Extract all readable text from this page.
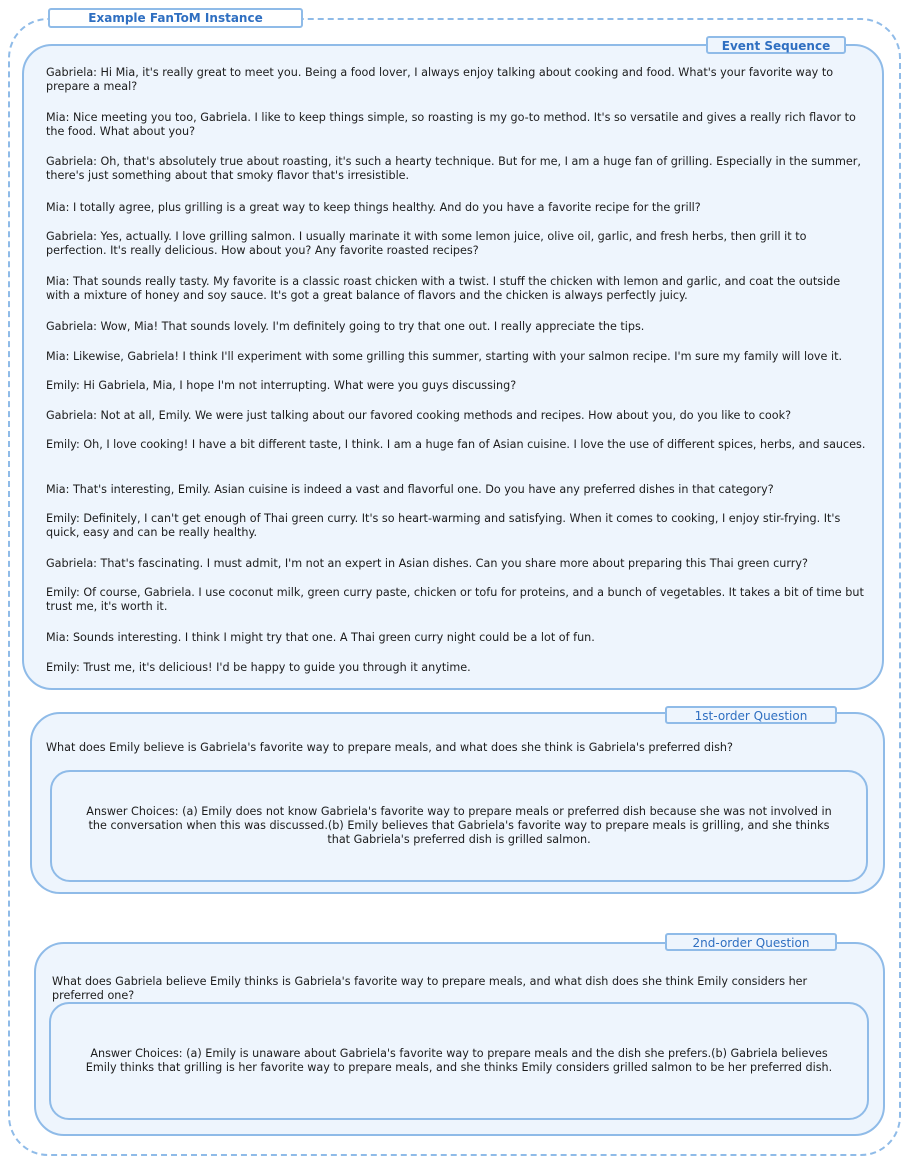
Example FanToM Instance
Event Sequence

Gabriela: Hi Mia, it's really great to meet you. Being a food lover, I always enjoy talking about cooking and food. What's your favorite way to prepare a meal?

Mia: Nice meeting you too, Gabriela. I like to keep things simple, so roasting is my go-to method. It's so versatile and gives a really rich flavor to the food. What about you?

Gabriela: Oh, that's absolutely true about roasting, it's such a hearty technique. But for me, I am a huge fan of grilling. Especially in the summer, there's just something about that smoky flavor that's irresistible.

Mia: I totally agree, plus grilling is a great way to keep things healthy. And do you have a favorite recipe for the grill?

Gabriela: Yes, actually. I love grilling salmon. I usually marinate it with some lemon juice, olive oil, garlic, and fresh herbs, then grill it to perfection. It's really delicious. How about you? Any favorite roasted recipes?

Mia: That sounds really tasty. My favorite is a classic roast chicken with a twist. I stuff the chicken with lemon and garlic, and coat the outside with a mixture of honey and soy sauce. It's got a great balance of flavors and the chicken is always perfectly juicy.

Gabriela: Wow, Mia! That sounds lovely. I'm definitely going to try that one out. I really appreciate the tips.

Mia: Likewise, Gabriela! I think I'll experiment with some grilling this summer, starting with your salmon recipe. I'm sure my family will love it.

Emily: Hi Gabriela, Mia, I hope I'm not interrupting. What were you guys discussing?

Gabriela: Not at all, Emily. We were just talking about our favored cooking methods and recipes. How about you, do you like to cook?

Emily: Oh, I love cooking! I have a bit different taste, I think. I am a huge fan of Asian cuisine. I love the use of different spices, herbs, and sauces.

Mia: That's interesting, Emily. Asian cuisine is indeed a vast and flavorful one. Do you have any preferred dishes in that category?

Emily: Definitely, I can't get enough of Thai green curry. It's so heart-warming and satisfying. When it comes to cooking, I enjoy stir-frying. It's quick, easy and can be really healthy.

Gabriela: That's fascinating. I must admit, I'm not an expert in Asian dishes. Can you share more about preparing this Thai green curry?

Emily: Of course, Gabriela. I use coconut milk, green curry paste, chicken or tofu for proteins, and a bunch of vegetables. It takes a bit of time but trust me, it's worth it.

Mia: Sounds interesting. I think I might try that one. A Thai green curry night could be a lot of fun.

Emily: Trust me, it's delicious! I'd be happy to guide you through it anytime.

1st-order Question

What does Emily believe is Gabriela's favorite way to prepare meals, and what does she think is Gabriela's preferred dish?

Answer Choices: (a) Emily does not know Gabriela's favorite way to prepare meals or preferred dish because she was not involved in the conversation when this was discussed.(b) Emily believes that Gabriela's favorite way to prepare meals is grilling, and she thinks that Gabriela's preferred dish is grilled salmon.

2nd-order Question

What does Gabriela believe Emily thinks is Gabriela's favorite way to prepare meals, and what dish does she think Emily considers her preferred one?

Answer Choices: (a) Emily is unaware about Gabriela's favorite way to prepare meals and the dish she prefers.(b) Gabriela believes Emily thinks that grilling is her favorite way to prepare meals, and she thinks Emily considers grilled salmon to be her preferred dish.
